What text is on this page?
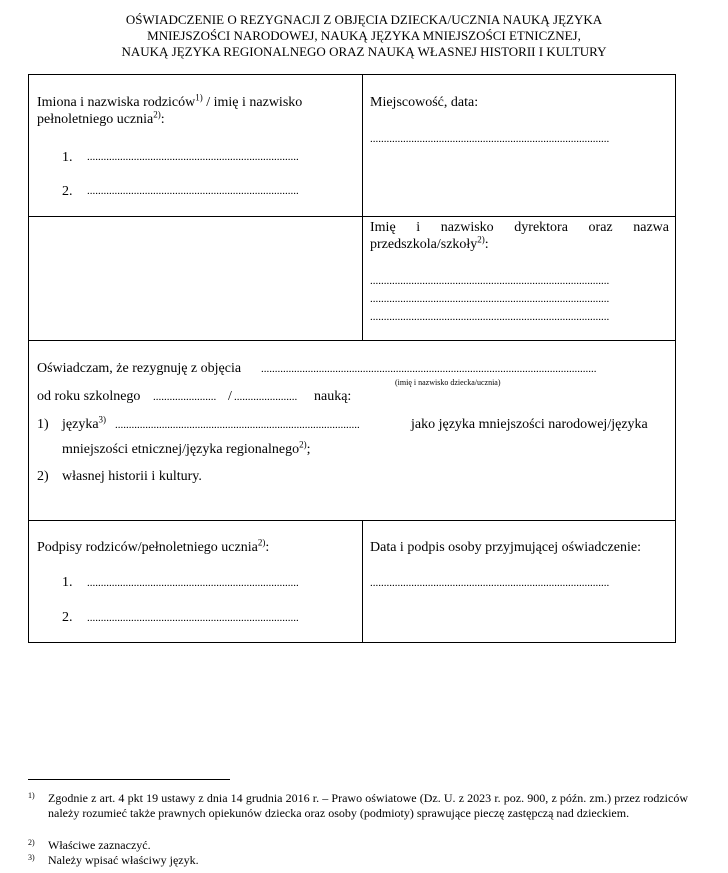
OŚWIADCZENIE O REZYGNACJI Z OBJĘCIA DZIECKA/UCZNIA NAUKĄ JĘZYKA
MNIEJSZOŚCI NARODOWEJ, NAUKĄ JĘZYKA MNIEJSZOŚCI ETNICZNEJ,
NAUKĄ JĘZYKA REGIONALNEGO ORAZ NAUKĄ WŁASNEJ HISTORII I KULTURY
Imiona i nazwiska rodziców$^{1)}$ / imię i nazwisko
pełnoletniego ucznia$^{2)}$:
1. .............................................................................
2. .............................................................................
Miejscowość, data:
.......................................................................................
Imię i nazwisko dyrektora oraz nazwa
przedszkola/szkoły$^{2)}$:
.......................................................................................
.......................................................................................
.......................................................................................
Oświadczam, że rezygnuję z objęcia ..........................................................................................................................
(imię i nazwisko dziecka/ucznia)
od roku szkolnego ....................... / .......................	nauką:
1) języka$^{3)}$ .........................................................................................	jako języka mniejszości narodowej/języka
mniejszości etnicznej/języka regionalnego$^{2)}$;
2) własnej historii i kultury.
Podpisy rodziców/pełnoletniego ucznia$^{2)}$:
1. .............................................................................
2. .............................................................................
Data i podpis osoby przyjmującej oświadczenie:
.......................................................................................
1) Zgodnie z art. 4 pkt 19 ustawy z dnia 14 grudnia 2016 r. – Prawo oświatowe (Dz. U. z 2023 r. poz. 900, z późn. zm.) przez rodziców należy rozumieć także prawnych opiekunów dziecka oraz osoby (podmioty) sprawujące pieczę zastępczą nad dzieckiem.
2) Właściwe zaznaczyć.
3) Należy wpisać właściwy język.
